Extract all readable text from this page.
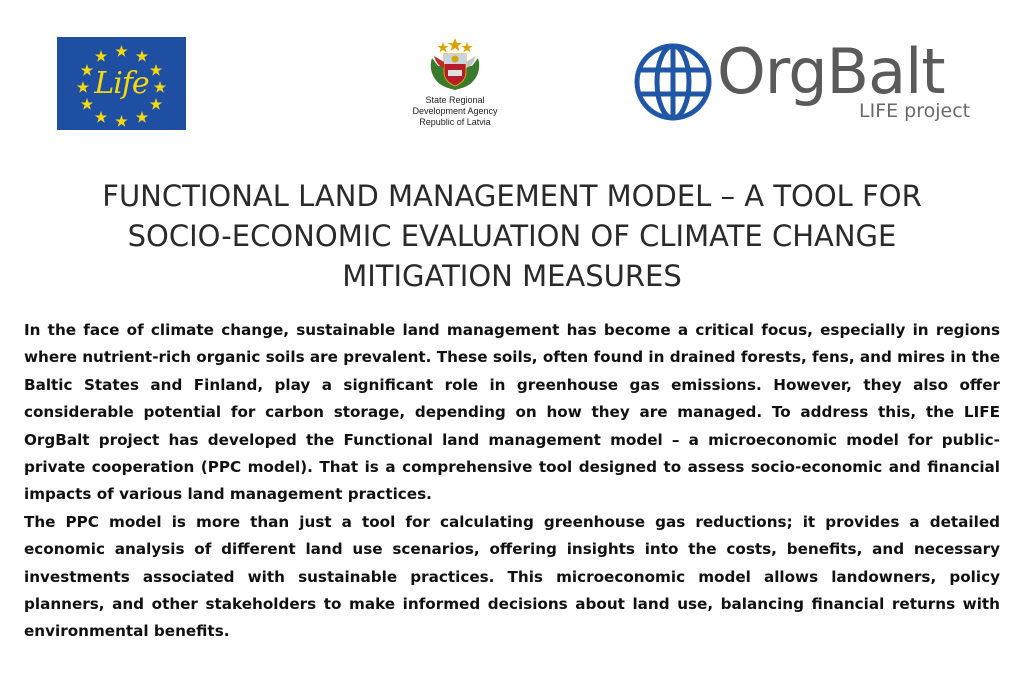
Life	State Regional
Development Agency
Republic of Latvia
OrgBalt
LIFE project
FUNCTIONAL LAND MANAGEMENT MODEL – A TOOL FOR
SOCIO-ECONOMIC EVALUATION OF CLIMATE CHANGE
MITIGATION MEASURES

In the face of climate change, sustainable land management has become a critical focus, especially in regions where nutrient-rich organic soils are prevalent. These soils, often found in drained forests, fens, and mires in the Baltic States and Finland, play a significant role in greenhouse gas emissions. However, they also offer considerable potential for carbon storage, depending on how they are managed. To address this, the LIFE OrgBalt project has developed the Functional land management model – a microeconomic model for public-private cooperation (PPC model). That is a comprehensive tool designed to assess socio-economic and financial impacts of various land management practices.

The PPC model is more than just a tool for calculating greenhouse gas reductions; it provides a detailed economic analysis of different land use scenarios, offering insights into the costs, benefits, and necessary investments associated with sustainable practices. This microeconomic model allows landowners, policy planners, and other stakeholders to make informed decisions about land use, balancing financial returns with environmental benefits.
